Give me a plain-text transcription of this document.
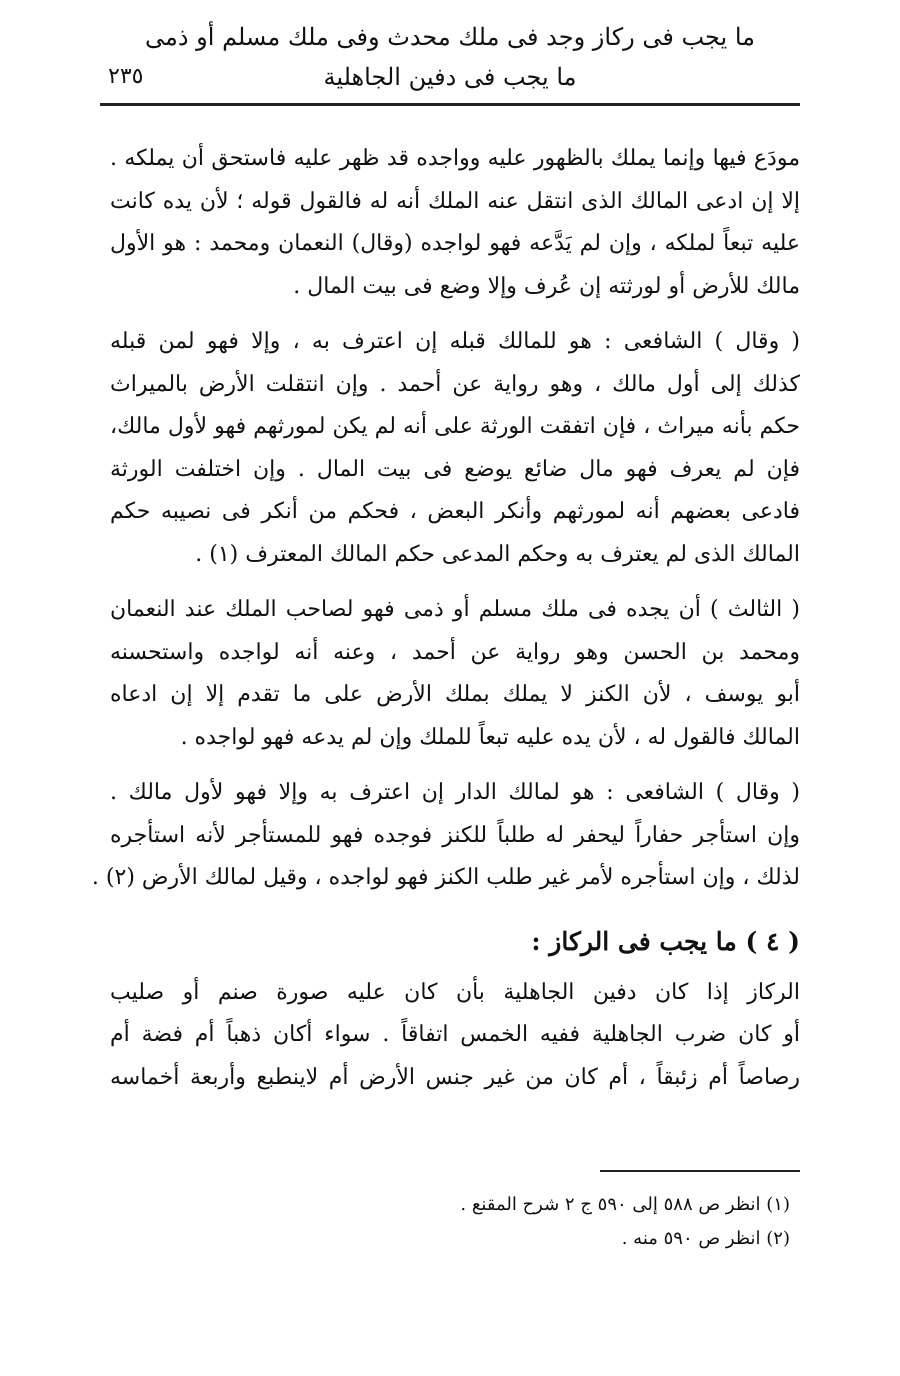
ما يجب فى ركاز وجد فى ملك محدث وفى ملك مسلم أو ذمى
ما يجب فى دفين الجاهلية
٢٣٥
مودَع فيها وإنما يملك بالظهور عليه وواجده قد ظهر عليه فاستحق أن يملكه .
إلا إن ادعى المالك الذى انتقل عنه الملك أنه له فالقول قوله ؛ لأن يده كانت
عليه تبعاً لملكه ، وإن لم يَدَّعه فهو لواجده (وقال) النعمان ومحمد : هو الأول
مالك للأرض أو لورثته إن عُرف وإلا وضع فى بيت المال .
( وقال ) الشافعى : هو للمالك قبله إن اعترف به ، وإلا فهو لمن قبله
كذلك إلى أول مالك ، وهو رواية عن أحمد . وإن انتقلت الأرض بالميراث
حكم بأنه ميراث ، فإن اتفقت الورثة على أنه لم يكن لمورثهم فهو لأول مالك،
فإن لم يعرف فهو مال ضائع يوضع فى بيت المال . وإن اختلفت الورثة
فادعى بعضهم أنه لمورثهم وأنكر البعض ، فحكم من أنكر فى نصيبه حكم
المالك الذى لم يعترف به وحكم المدعى حكم المالك المعترف (١) .
( الثالث ) أن يجده فى ملك مسلم أو ذمى فهو لصاحب الملك عند النعمان
ومحمد بن الحسن وهو رواية عن أحمد ، وعنه أنه لواجده واستحسنه
أبو يوسف ، لأن الكنز لا يملك بملك الأرض على ما تقدم إلا إن ادعاه
المالك فالقول له ، لأن يده عليه تبعاً للملك وإن لم يدعه فهو لواجده .
( وقال ) الشافعى : هو لمالك الدار إن اعترف به وإلا فهو لأول مالك .
وإن استأجر حفاراً ليحفر له طلباً للكنز فوجده فهو للمستأجر لأنه استأجره
لذلك ، وإن استأجره لأمر غير طلب الكنز فهو لواجده ، وقيل لمالك الأرض (٢) .
( ٤ ) ما يجب فى الركاز :
الركاز إذا كان دفين الجاهلية بأن كان عليه صورة صنم أو صليب
أو كان ضرب الجاهلية ففيه الخمس اتفاقاً . سواء أكان ذهباً أم فضة أم
رصاصاً أم زئبقاً ، أم كان من غير جنس الأرض أم لاينطبع وأربعة أخماسه
(١) انظر ص ٥٨٨ إلى ٥٩٠ ج ٢ شرح المقنع .
(٢) انظر ص ٥٩٠ منه .
